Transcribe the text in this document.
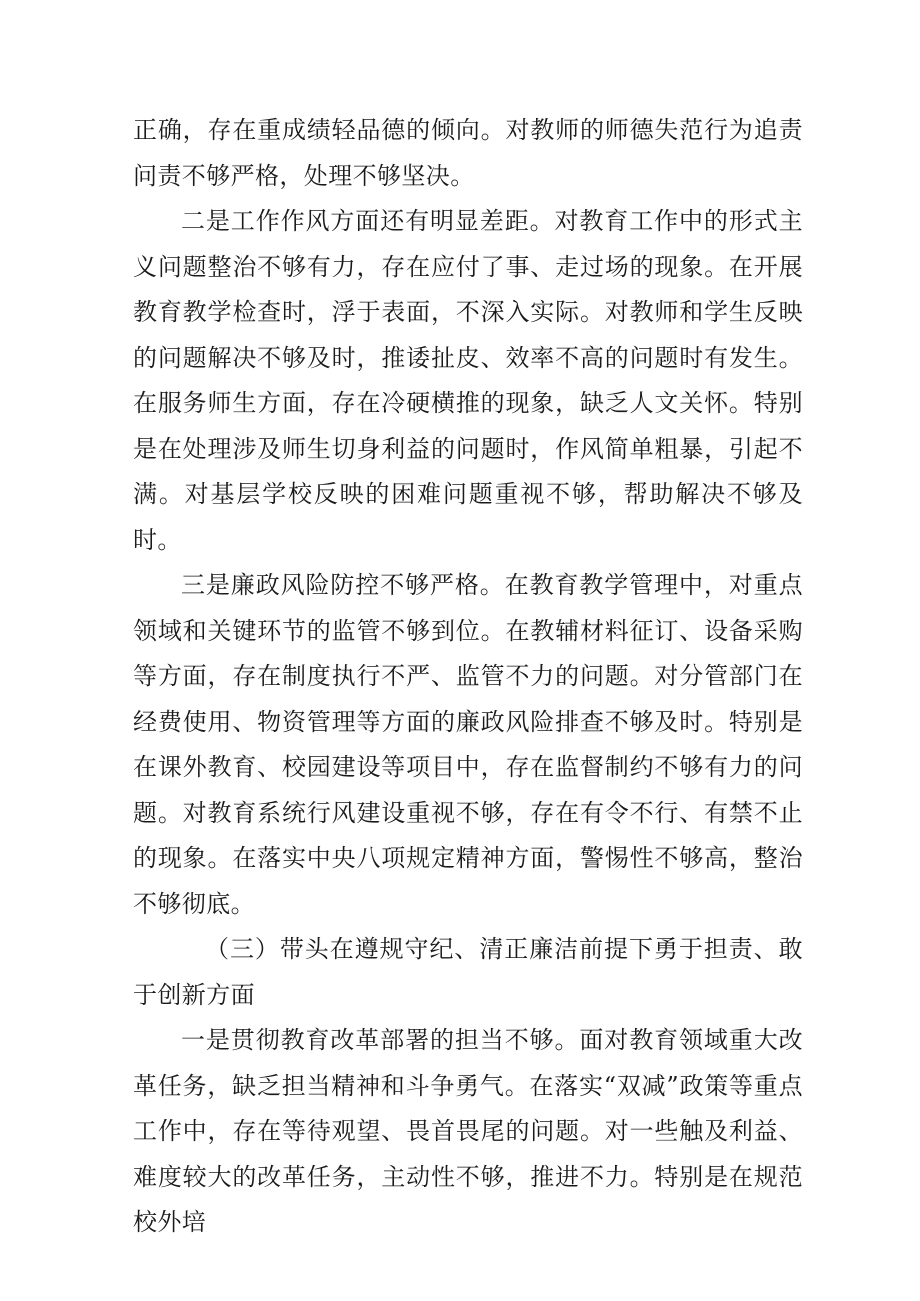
正确，存在重成绩轻品德的倾向。对教师的师德失范行为追责问责不够严格，处理不够坚决。

二是工作作风方面还有明显差距。对教育工作中的形式主义问题整治不够有力，存在应付了事、走过场的现象。在开展教育教学检查时，浮于表面，不深入实际。对教师和学生反映的问题解决不够及时，推诿扯皮、效率不高的问题时有发生。在服务师生方面，存在冷硬横推的现象，缺乏人文关怀。特别是在处理涉及师生切身利益的问题时，作风简单粗暴，引起不满。对基层学校反映的困难问题重视不够，帮助解决不够及时。

三是廉政风险防控不够严格。在教育教学管理中，对重点领域和关键环节的监管不够到位。在教辅材料征订、设备采购等方面，存在制度执行不严、监管不力的问题。对分管部门在经费使用、物资管理等方面的廉政风险排查不够及时。特别是在课外教育、校园建设等项目中，存在监督制约不够有力的问题。对教育系统行风建设重视不够，存在有令不行、有禁不止的现象。在落实中央八项规定精神方面，警惕性不够高，整治不够彻底。

（三）带头在遵规守纪、清正廉洁前提下勇于担责、敢于创新方面

一是贯彻教育改革部署的担当不够。面对教育领域重大改革任务，缺乏担当精神和斗争勇气。在落实“双减”政策等重点工作中，存在等待观望、畏首畏尾的问题。对一些触及利益、难度较大的改革任务，主动性不够，推进不力。特别是在规范校外培
